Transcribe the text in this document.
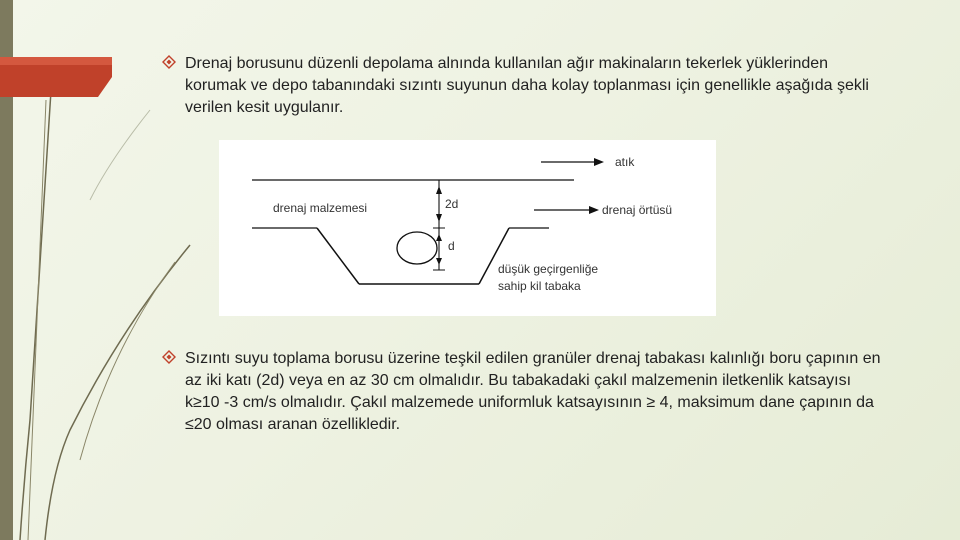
Drenaj borusunu düzenli depolama alnında kullanılan ağır makinaların tekerlek yüklerinden korumak ve depo tabanındaki sızıntı suyunun daha kolay toplanması için genellikle aşağıda şekli verilen kesit uygulanır.
atık
drenaj malzemesi	2d
d
drenaj örtüsü
düşük geçirgenliğe
sahip kil tabaka
Sızıntı suyu toplama borusu üzerine teşkil edilen granüler drenaj tabakası kalınlığı boru çapının en az iki katı (2d) veya en az 30 cm olmalıdır. Bu tabakadaki çakıl malzemenin iletkenlik katsayısı k≥10 -3 cm/s olmalıdır. Çakıl malzemede uniformluk katsayısının ≥ 4, maksimum dane çapının da ≤20 olması aranan özellikledir.
